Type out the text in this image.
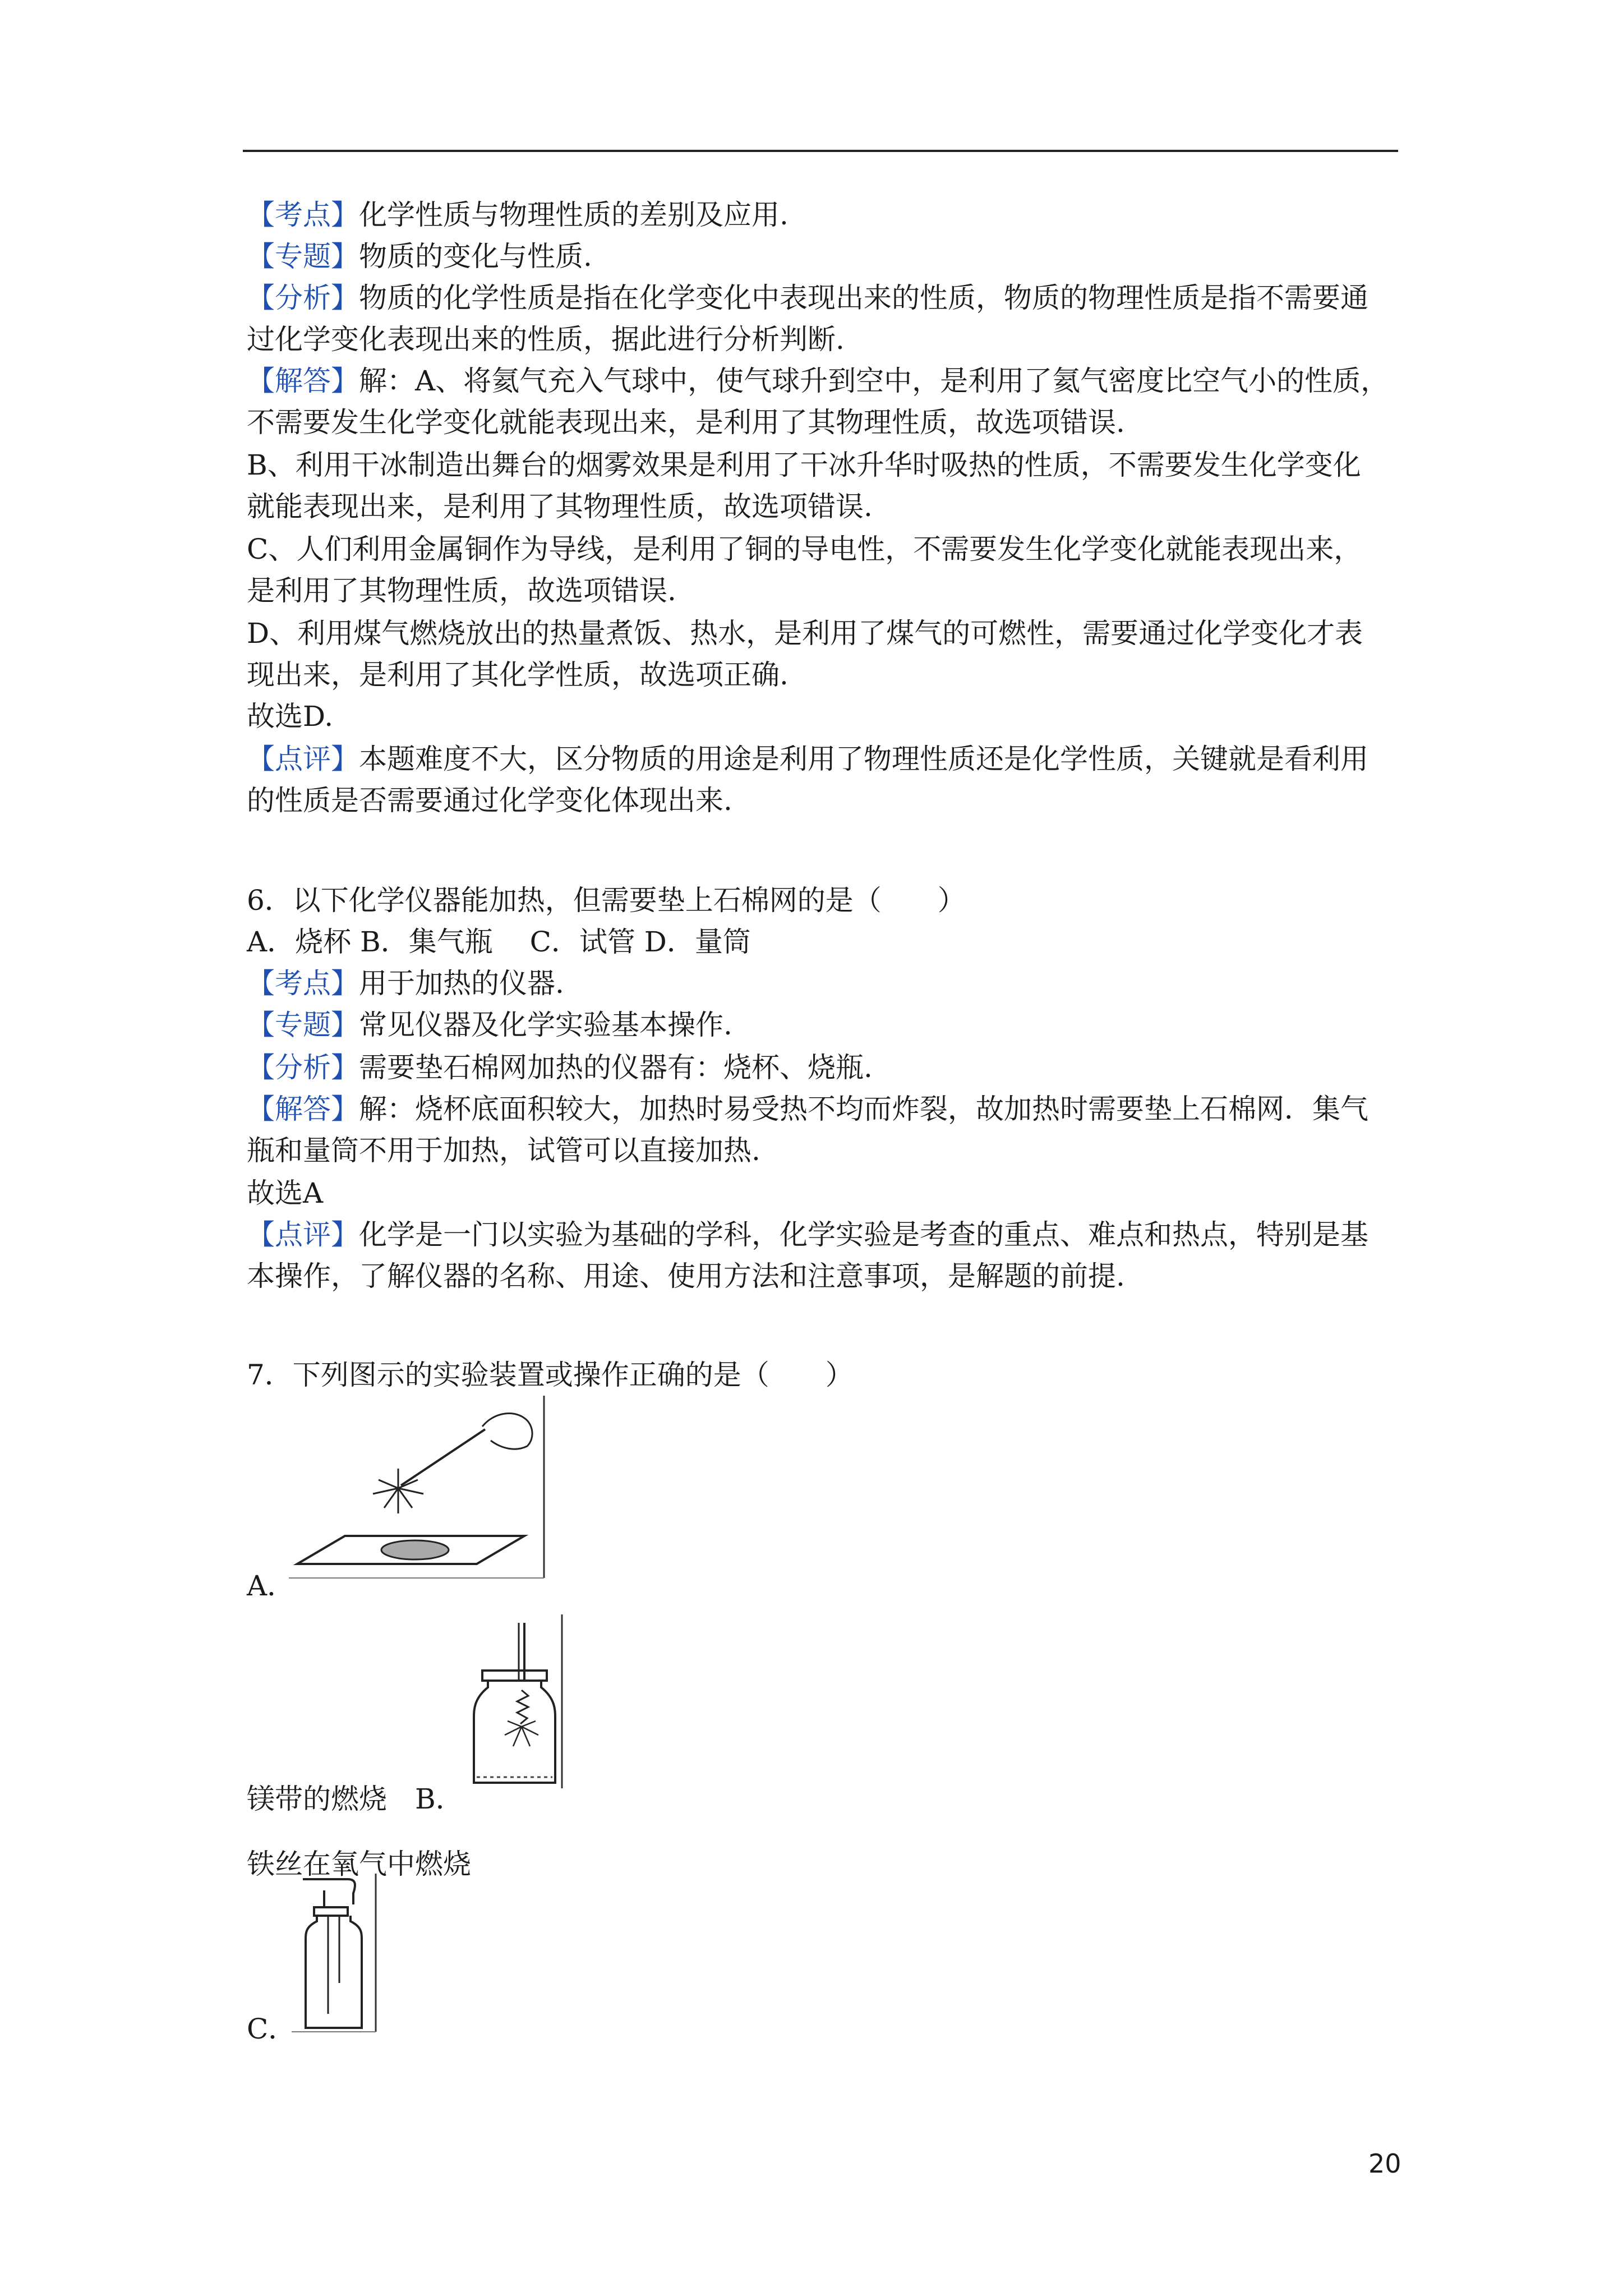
【考点】化学性质与物理性质的差别及应用.
【专题】物质的变化与性质.
【分析】物质的化学性质是指在化学变化中表现出来的性质，物质的物理性质是指不需要通
过化学变化表现出来的性质，据此进行分析判断.
【解答】解：A、将氦气充入气球中，使气球升到空中，是利用了氦气密度比空气小的性质，
不需要发生化学变化就能表现出来，是利用了其物理性质，故选项错误.
B、利用干冰制造出舞台的烟雾效果是利用了干冰升华时吸热的性质，不需要发生化学变化
就能表现出来，是利用了其物理性质，故选项错误.
C、人们利用金属铜作为导线，是利用了铜的导电性，不需要发生化学变化就能表现出来，
是利用了其物理性质，故选项错误.
D、利用煤气燃烧放出的热量煮饭、热水，是利用了煤气的可燃性，需要通过化学变化才表
现出来，是利用了其化学性质，故选项正确.
故选D.
【点评】本题难度不大，区分物质的用途是利用了物理性质还是化学性质，关键就是看利用
的性质是否需要通过化学变化体现出来.
6．以下化学仪器能加热，但需要垫上石棉网的是（　　）
A．烧杯 B．集气瓶　 C．试管 D．量筒
【考点】用于加热的仪器.
【专题】常见仪器及化学实验基本操作.
【分析】需要垫石棉网加热的仪器有：烧杯、烧瓶.
【解答】解：烧杯底面积较大，加热时易受热不均而炸裂，故加热时需要垫上石棉网．集气
瓶和量筒不用于加热，试管可以直接加热.
故选A
【点评】化学是一门以实验为基础的学科，化学实验是考查的重点、难点和热点，特别是基
本操作，了解仪器的名称、用途、使用方法和注意事项，是解题的前提.
7．下列图示的实验装置或操作正确的是（　　）
A．
镁带的燃烧 B．
铁丝在氧气中燃烧
C．
20
